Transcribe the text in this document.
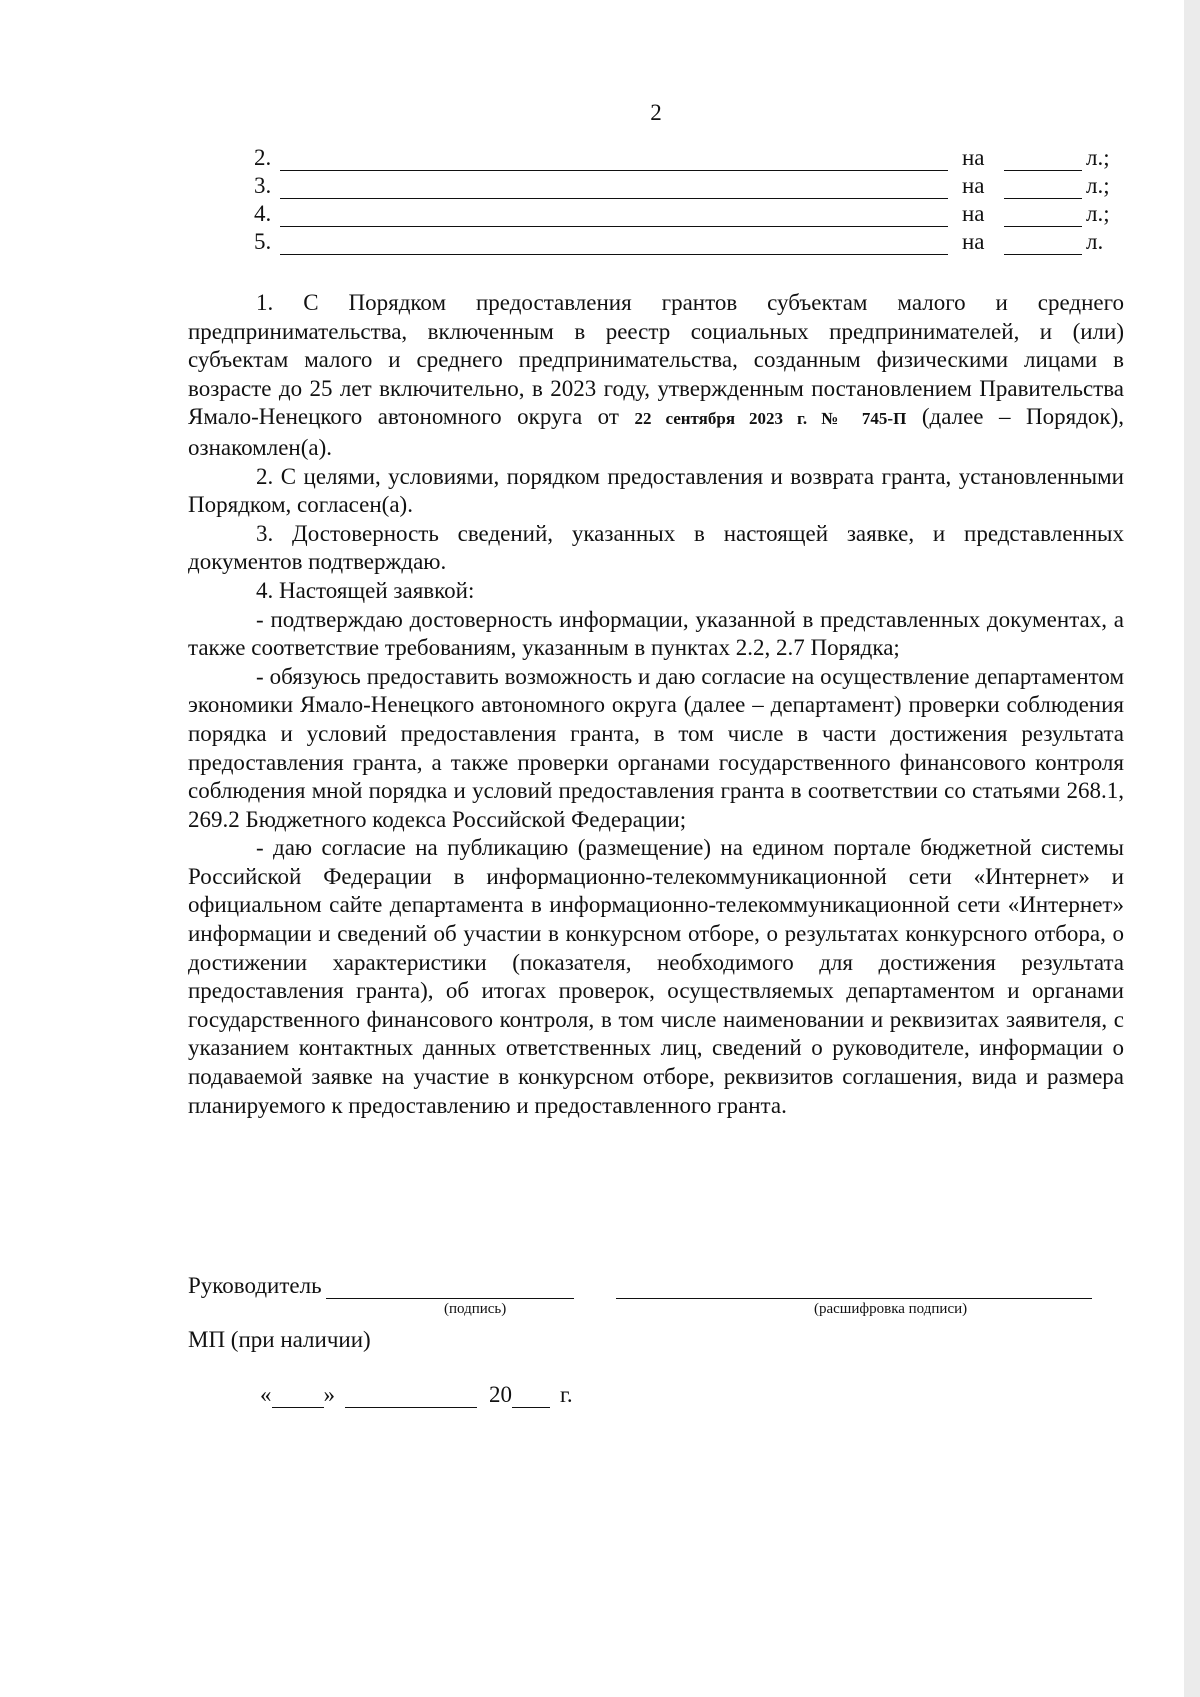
2
2.	на	л.;
3.	на	л.;
4.	на	л.;
5.	на	л.

1. С Порядком предоставления грантов субъектам малого и среднего предпринимательства, включенным в реестр социальных предпринимателей, и (или) субъектам малого и среднего предпринимательства, созданным физическими лицами в возрасте до 25 лет включительно, в 2023 году, утвержденным постановлением Правительства Ямало-Ненецкого автономного округа от 22 сентября 2023 г. № 745-П (далее – Порядок), ознакомлен(а).

2. С целями, условиями, порядком предоставления и возврата гранта, установленными Порядком, согласен(а).

3. Достоверность сведений, указанных в настоящей заявке, и представленных документов подтверждаю.

4. Настоящей заявкой:

- подтверждаю достоверность информации, указанной в представленных документах, а также соответствие требованиям, указанным в пунктах 2.2, 2.7 Порядка;

- обязуюсь предоставить возможность и даю согласие на осуществление департаментом экономики Ямало-Ненецкого автономного округа (далее – департамент) проверки соблюдения порядка и условий предоставления гранта, в том числе в части достижения результата предоставления гранта, а также проверки органами государственного финансового контроля соблюдения мной порядка и условий предоставления гранта в соответствии со статьями 268.1, 269.2 Бюджетного кодекса Российской Федерации;

- даю согласие на публикацию (размещение) на едином портале бюджетной системы Российской Федерации в информационно-телекоммуникационной сети «Интернет» и официальном сайте департамента в информационно-телекоммуникационной сети «Интернет» информации и сведений об участии в конкурсном отборе, о результатах конкурсного отбора, о достижении характеристики (показателя, необходимого для достижения результата предоставления гранта), об итогах проверок, осуществляемых департаментом и органами государственного финансового контроля, в том числе наименовании и реквизитах заявителя, с указанием контактных данных ответственных лиц, сведений о руководителе, информации о подаваемой заявке на участие в конкурсном отборе, реквизитов соглашения, вида и размера планируемого к предоставлению и предоставленного гранта.

Руководитель
(подпись)	(расшифровка подписи)
МП (при наличии)
« »	20 г.
